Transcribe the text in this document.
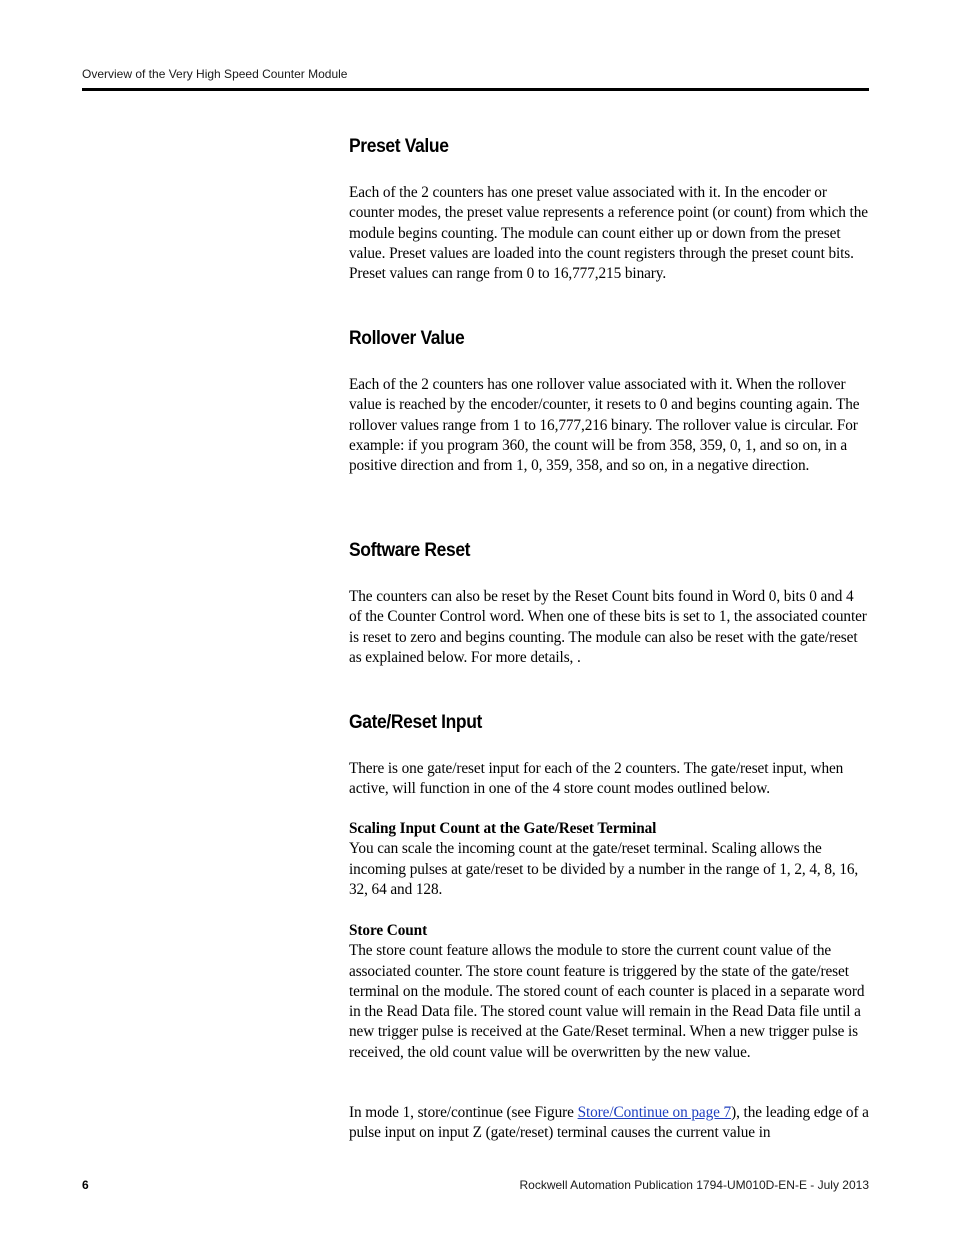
Overview of the Very High Speed Counter Module
Preset Value

Each of the 2 counters has one preset value associated with it. In the encoder or counter modes, the preset value represents a reference point (or count) from which the module begins counting. The module can count either up or down from the preset value. Preset values are loaded into the count registers through the preset count bits. Preset values can range from 0 to 16,777,215 binary.

Rollover Value

Each of the 2 counters has one rollover value associated with it. When the rollover value is reached by the encoder/counter, it resets to 0 and begins counting again. The rollover values range from 1 to 16,777,216 binary. The rollover value is circular. For example: if you program 360, the count will be from 358, 359, 0, 1, and so on, in a positive direction and from 1, 0, 359, 358, and so on, in a negative direction.

Software Reset

The counters can also be reset by the Reset Count bits found in Word 0, bits 0 and 4 of the Counter Control word. When one of these bits is set to 1, the associated counter is reset to zero and begins counting. The module can also be reset with the gate/reset as explained below. For more details, .

Gate/Reset Input

There is one gate/reset input for each of the 2 counters. The gate/reset input, when active, will function in one of the 4 store count modes outlined below.

Scaling Input Count at the Gate/Reset Terminal

You can scale the incoming count at the gate/reset terminal. Scaling allows the incoming pulses at gate/reset to be divided by a number in the range of 1, 2, 4, 8, 16, 32, 64 and 128.

Store Count

The store count feature allows the module to store the current count value of the associated counter. The store count feature is triggered by the state of the gate/reset terminal on the module. The stored count of each counter is placed in a separate word in the Read Data file. The stored count value will remain in the Read Data file until a new trigger pulse is received at the Gate/Reset terminal. When a new trigger pulse is received, the old count value will be overwritten by the new value.

In mode 1, store/continue (see Figure Store/Continue on page 7), the leading edge of a pulse input on input Z (gate/reset) terminal causes the current value in

6	Rockwell Automation Publication 1794-UM010D-EN-E - July 2013
